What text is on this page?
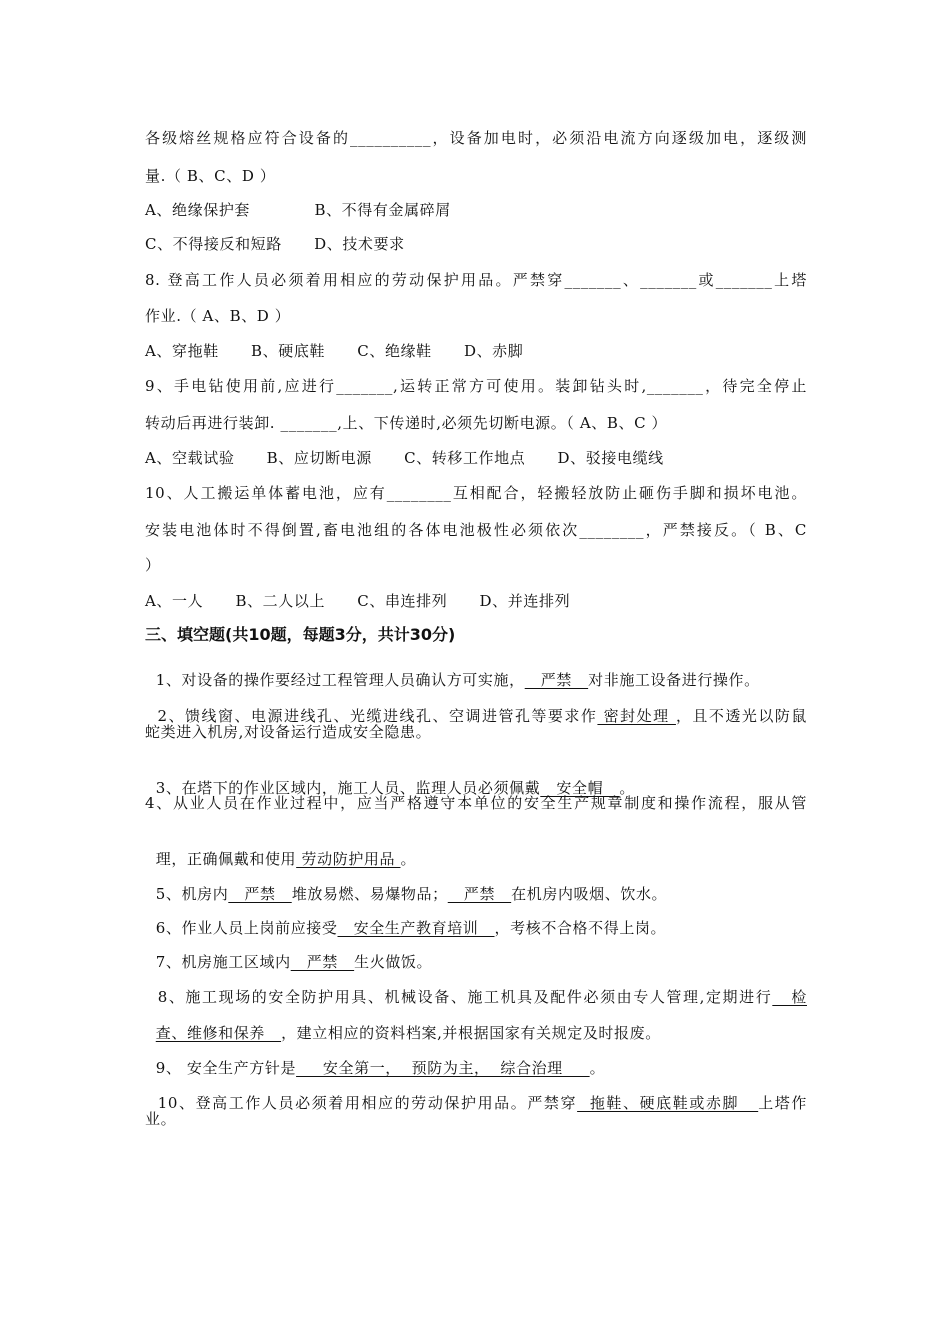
各级熔丝规格应符合设备的__________，设备加电时，必须沿电流方向逐级加电，逐级测
量.（ B、C、D ）
A、绝缘保护套            B、不得有金属碎屑
C、不得接反和短路      D、技术要求
8. 登高工作人员必须着用相应的劳动保护用品。严禁穿_______、_______或_______上塔
作业.（ A、B、D ）
A、穿拖鞋      B、硬底鞋      C、绝缘鞋      D、赤脚
9、手电钻使用前,应进行_______,运转正常方可使用。装卸钻头时,_______，待完全停止
转动后再进行装卸. _______,上、下传递时,必须先切断电源。（ A、B、C ）
A、空载试验      B、应切断电源      C、转移工作地点      D、驳接电缆线
10、人工搬运单体蓄电池，应有________互相配合，轻搬轻放防止砸伤手脚和损坏电池。
安装电池体时不得倒置,畜电池组的各体电池极性必须依次________，严禁接反。（ B、C
）
A、一人      B、二人以上      C、串连排列      D、并连排列
三、填空题(共10题，每题3分，共计30分)

1、对设备的操作要经过工程管理人员确认方可实施，   严禁   对非施工设备进行操作。

2、馈线窗、电源进线孔、光缆进线孔、空调进管孔等要求作 密封处理 ，且不透光以防鼠

蛇类进入机房,对设备运行造成安全隐患。

3、在塔下的作业区域内，施工人员、监理人员必须佩戴   安全帽   。

4、从业人员在作业过程中，应当严格遵守本单位的安全生产规章制度和操作流程，服从管

理，正确佩戴和使用 劳动防护用品 。

5、机房内   严禁   堆放易燃、易爆物品；   严禁   在机房内吸烟、饮水。

6、作业人员上岗前应接受   安全生产教育培训   ，考核不合格不得上岗。

7、机房施工区域内   严禁   生火做饭。

8、施工现场的安全防护用具、机械设备、施工机具及配件必须由专人管理,定期进行   检

查、维修和保养   ，建立相应的资料档案,并根据国家有关规定及时报废。

9、 安全生产方针是     安全第一，  预防为主，  综合治理     。

10、登高工作人员必须着用相应的劳动保护用品。严禁穿  拖鞋、硬底鞋或赤脚   上塔作

业。
